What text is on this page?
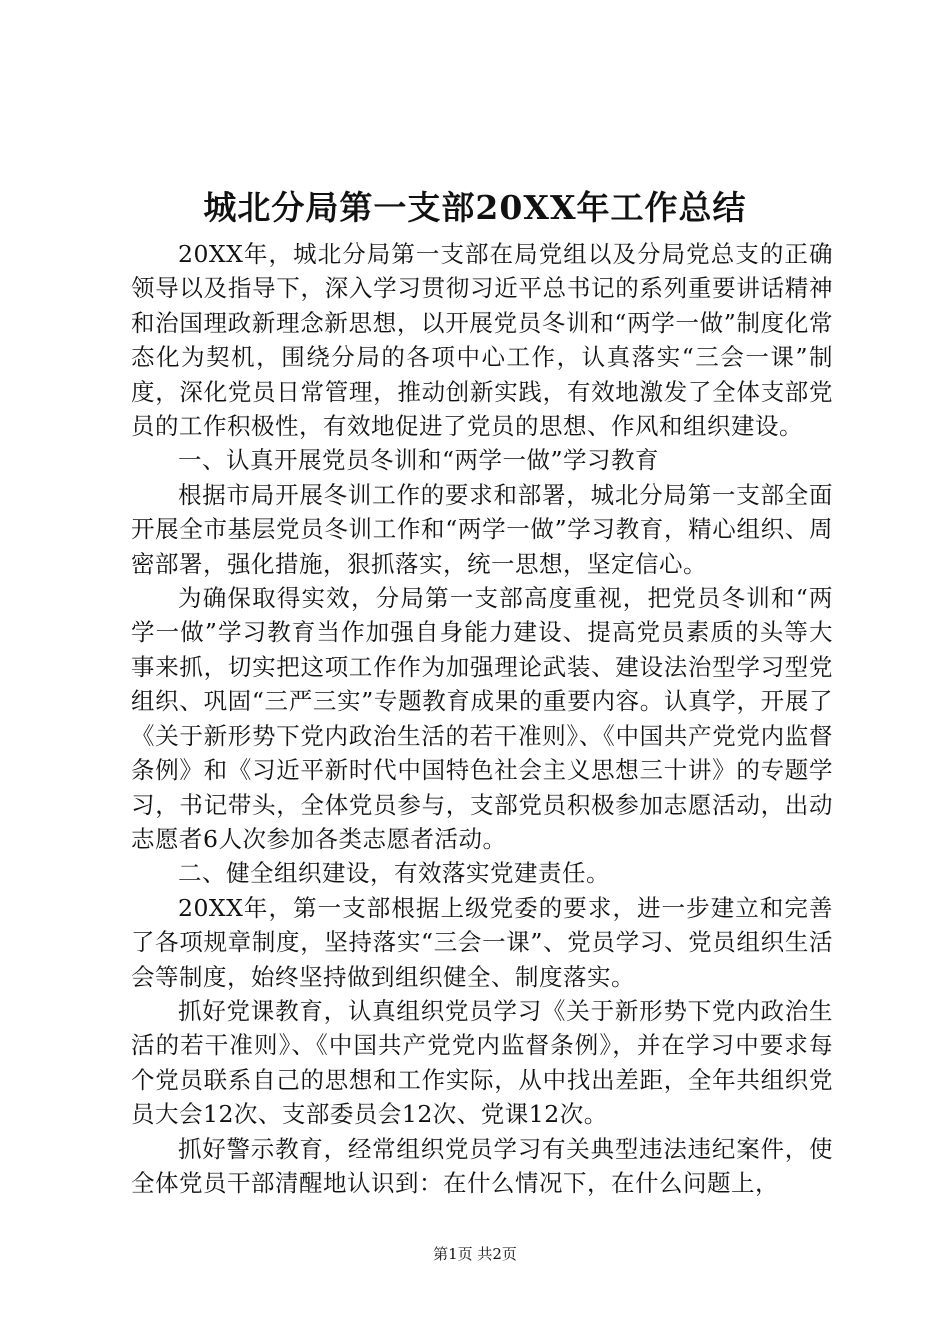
城北分局第一支部20XX年工作总结

20XX年，城北分局第一支部在局党组以及分局党总支的正确领导以及指导下，深入学习贯彻习近平总书记的系列重要讲话精神和治国理政新理念新思想，以开展党员冬训和“两学一做”制度化常态化为契机，围绕分局的各项中心工作，认真落实“三会一课”制度，深化党员日常管理，推动创新实践，有效地激发了全体支部党员的工作积极性，有效地促进了党员的思想、作风和组织建设。

一、认真开展党员冬训和“两学一做”学习教育

根据市局开展冬训工作的要求和部署，城北分局第一支部全面开展全市基层党员冬训工作和“两学一做”学习教育，精心组织、周密部署，强化措施，狠抓落实，统一思想，坚定信心。

为确保取得实效，分局第一支部高度重视，把党员冬训和“两学一做”学习教育当作加强自身能力建设、提高党员素质的头等大事来抓，切实把这项工作作为加强理论武装、建设法治型学习型党组织、巩固“三严三实”专题教育成果的重要内容。认真学，开展了《关于新形势下党内政治生活的若干准则》、《中国共产党党内监督条例》和《习近平新时代中国特色社会主义思想三十讲》的专题学习，书记带头，全体党员参与，支部党员积极参加志愿活动，出动志愿者6人次参加各类志愿者活动。

二、健全组织建设，有效落实党建责任。

20XX年，第一支部根据上级党委的要求，进一步建立和完善了各项规章制度，坚持落实“三会一课”、党员学习、党员组织生活会等制度，始终坚持做到组织健全、制度落实。

抓好党课教育，认真组织党员学习《关于新形势下党内政治生活的若干准则》、《中国共产党党内监督条例》，并在学习中要求每个党员联系自己的思想和工作实际，从中找出差距，全年共组织党员大会12次、支部委员会12次、党课12次。

抓好警示教育，经常组织党员学习有关典型违法违纪案件，使全体党员干部清醒地认识到：在什么情况下，在什么问题上，

第1页 共2页
